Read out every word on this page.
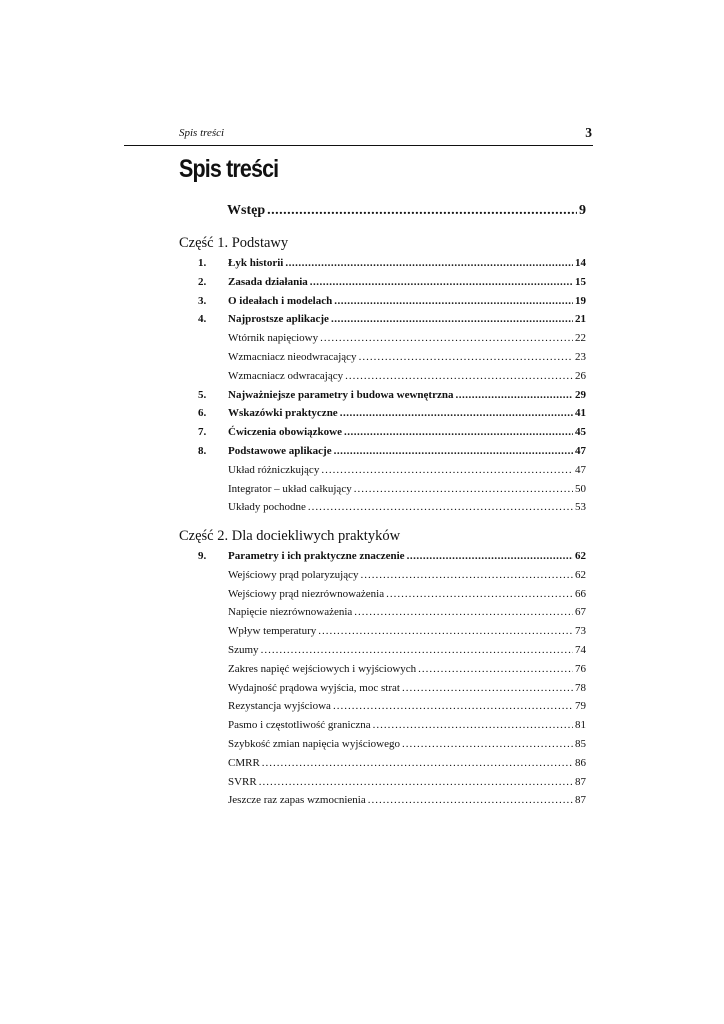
Spis treści	3
Spis treści
Wstęp .....	9
Część 1. Podstawy
1.	Łyk historii .....	14
2.	Zasada działania .....	15
3.	O ideałach i modelach .....	19
4.	Najprostsze aplikacje .....	21
Wtórnik napięciowy .....	22
Wzmacniacz nieodwracający .....	23
Wzmacniacz odwracający .....	26
5.	Najważniejsze parametry i budowa wewnętrzna .....	29
6.	Wskazówki praktyczne .....	41
7.	Ćwiczenia obowiązkowe .....	45
8.	Podstawowe aplikacje .....	47
Układ różniczkujący .....	47
Integrator – układ całkujący .....	50
Układy pochodne .....	53
Część 2. Dla dociekliwych praktyków
9.	Parametry i ich praktyczne znaczenie .....	62
Wejściowy prąd polaryzujący .....	62
Wejściowy prąd niezrównoważenia .....	66
Napięcie niezrównoważenia .....	67
Wpływ temperatury .....	73
Szumy .....	74
Zakres napięć wejściowych i wyjściowych .....	76
Wydajność prądowa wyjścia, moc strat .....	78
Rezystancja wyjściowa .....	79
Pasmo i częstotliwość graniczna .....	81
Szybkość zmian napięcia wyjściowego .....	85
CMRR .....	86
SVRR .....	87
Jeszcze raz zapas wzmocnienia .....	87
